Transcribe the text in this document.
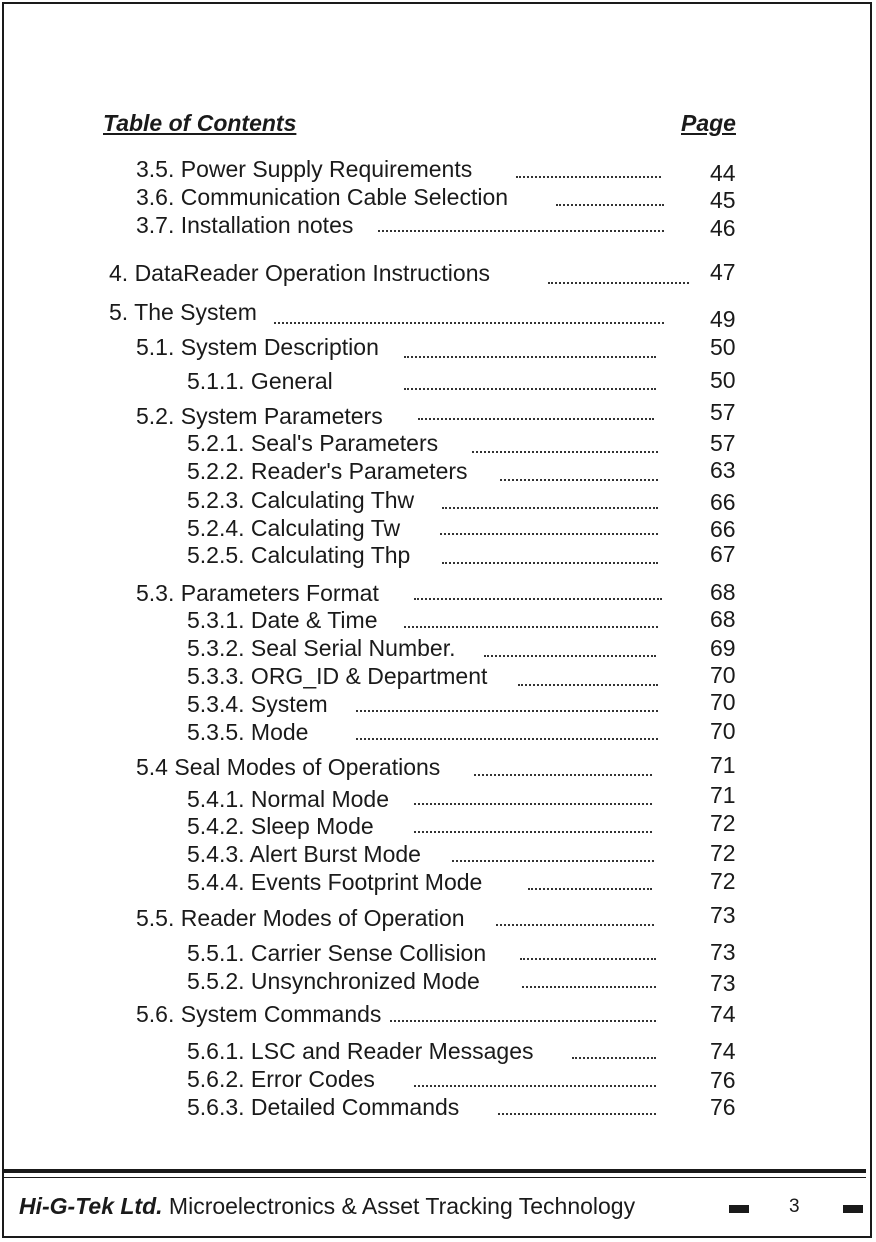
Table of Contents	Page
3.5. Power Supply Requirements	44
3.6. Communication Cable Selection	45
3.7. Installation notes	46
4. DataReader Operation Instructions	47
5. The System	49
5.1. System Description	50
5.1.1. General	50
5.2. System Parameters	57
5.2.1. Seal's Parameters	57
5.2.2. Reader's Parameters	63
5.2.3. Calculating Thw	66
5.2.4. Calculating Tw	66
5.2.5. Calculating Thp	67
5.3. Parameters Format	68
5.3.1. Date & Time	68
5.3.2. Seal Serial Number.	69
5.3.3. ORG_ID & Department	70
5.3.4. System	70
5.3.5. Mode	70
5.4 Seal Modes of Operations	71
5.4.1. Normal Mode	71
5.4.2. Sleep Mode	72
5.4.3. Alert Burst Mode	72
5.4.4. Events Footprint Mode	72
5.5. Reader Modes of Operation	73
5.5.1. Carrier Sense Collision	73
5.5.2. Unsynchronized Mode	73
5.6. System Commands	74
5.6.1. LSC and Reader Messages	74
5.6.2. Error Codes	76
5.6.3. Detailed Commands	76
Hi-G-Tek Ltd. Microelectronics & Asset Tracking Technology	3
